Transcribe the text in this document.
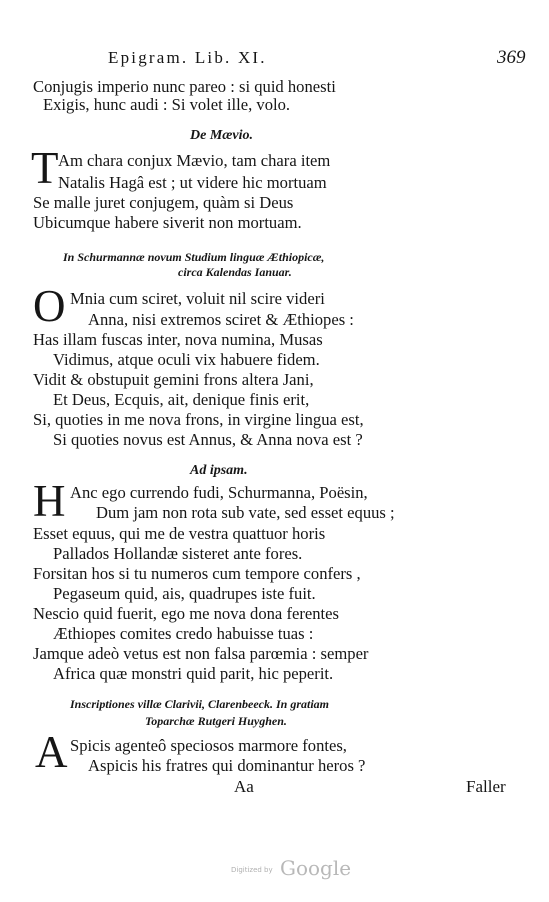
Epigram. Lib. XI.	369
Conjugis imperio nunc pareo : si quid honesti
Exigis, hunc audi : Si volet ille, volo.
De Mævio.
T Am chara conjux Mævio, tam chara item
Natalis Hagâ est ; ut videre hic mortuam
Se malle juret conjugem, quàm si Deus
Ubicumque habere siverit non mortuam.
In Schurmannæ novum Studium linguæ Æthiopicæ,
circa Kalendas Ianuar.
O Mnia cum sciret, voluit nil scire videri
Anna, nisi extremos sciret & Æthiopes :
Has illam fuscas inter, nova numina, Musas
Vidimus, atque oculi vix habuere fidem.
Vidit & obstupuit gemini frons altera Jani,
Et Deus, Ecquis, ait, denique finis erit,
Si, quoties in me nova frons, in virgine lingua est,
Si quoties novus est Annus, & Anna nova est ?
Ad ipsam.
H Anc ego currendo fudi, Schurmanna, Poësin,
Dum jam non rota sub vate, sed esset equus ;
Esset equus, qui me de vestra quattuor horis
Pallados Hollandæ sisteret ante fores.
Forsitan hos si tu numeros cum tempore confers ,
Pegaseum quid, ais, quadrupes iste fuit.
Nescio quid fuerit, ego me nova dona ferentes
Æthiopes comites credo habuisse tuas :
Jamque adeò vetus est non falsa parœmia : semper
Africa quæ monstri quid parit, hic peperit.
Inscriptiones villæ Clarivii, Clarenbeeck. In gratiam
Toparchæ Rutgeri Huyghen.
A Spicis agenteô speciosos marmore fontes,
Aspicis his fratres qui dominantur heros ?
Aa	Faller
Digitized by Google
